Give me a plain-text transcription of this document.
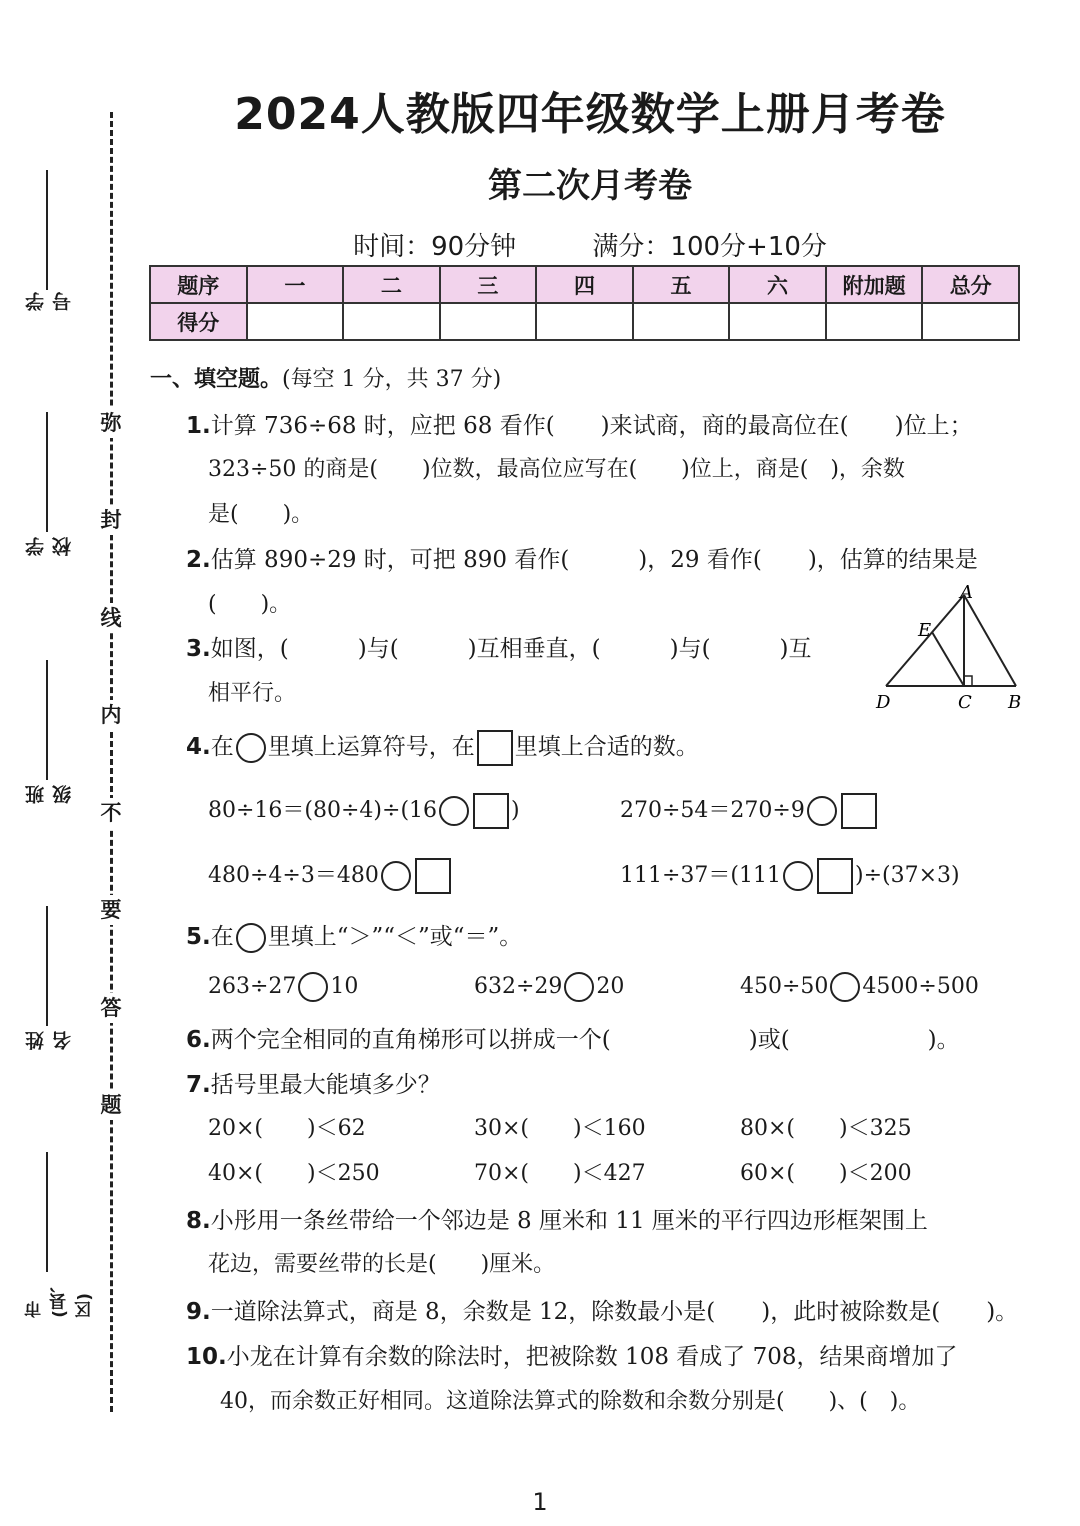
弥
封
线
内
不
要
答
题
学号
学校
班级
姓名
市(县、区)
2024人教版四年级数学上册月考卷
第二次月考卷
时间：90分钟	满分：100分+10分
题序	一	二	三	四	五	六	附加题	总分
得分								
一、填空题。(每空 1 分，共 37 分)
1.计算 736÷68 时，应把 68 看作(　　)来试商，商的最高位在(　　)位上；
323÷50 的商是(　　)位数，最高位应写在(　　)位上，商是(　)，余数
是(　　)。
2.估算 890÷29 时，可把 890 看作(　　　)，29 看作(　　)，估算的结果是
(　　)。
3.如图，(　　　)与(　　　)互相垂直，(　　　)与(　　　)互
相平行。
A
E
D	C B
4.在 里填上运算符号，在 里填上合适的数。
80÷16＝(80÷4)÷(16	)	270÷54＝270÷9
480÷4÷3＝480	111÷37＝(111	)÷(37×3)
5.在 里填上“＞”“＜”或“＝”。
263÷27 10	632÷29 20	450÷50 4500÷500
6.两个完全相同的直角梯形可以拼成一个(　　　　　　)或(　　　　　　)。
7.括号里最大能填多少？
20×(　　)＜62	30×(　　)＜160	80×(　　)＜325
40×(　　)＜250	70×(　　)＜427	60×(　　)＜200
8.小彤用一条丝带给一个邻边是 8 厘米和 11 厘米的平行四边形框架围上
花边，需要丝带的长是(　　)厘米。
9.一道除法算式，商是 8，余数是 12，除数最小是(　　)，此时被除数是(　　)。
10.小龙在计算有余数的除法时，把被除数 108 看成了 708，结果商增加了
40，而余数正好相同。这道除法算式的除数和余数分别是(　　)、(　)。
1
